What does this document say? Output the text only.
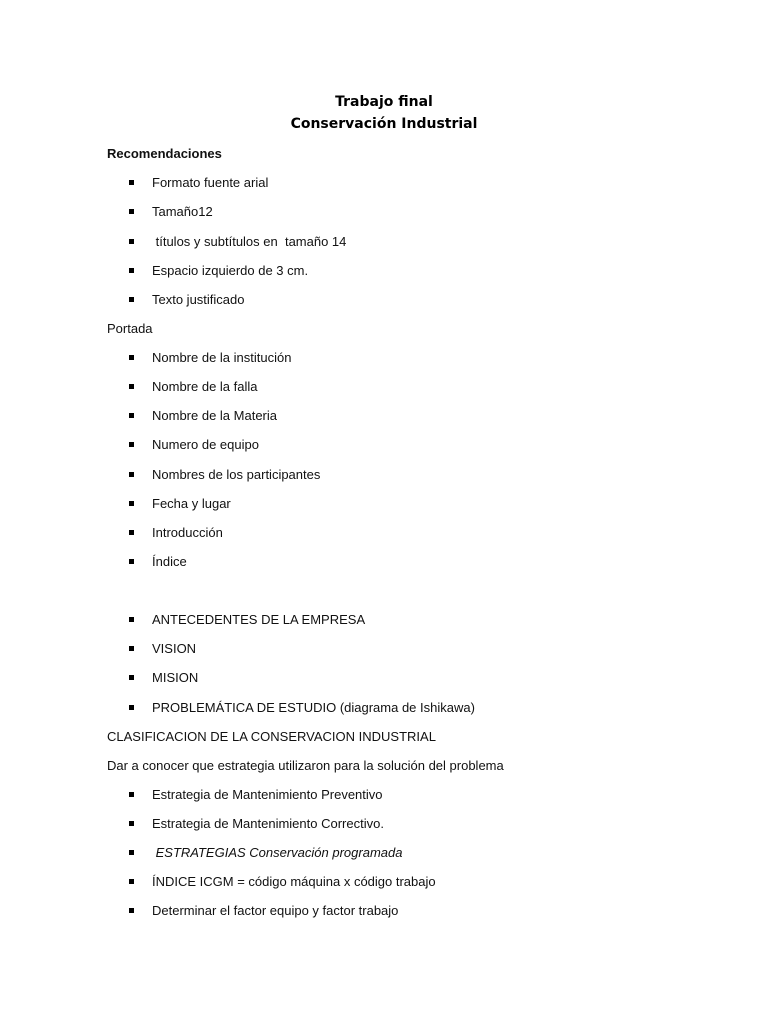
Trabajo final
Conservación Industrial
Recomendaciones
Formato fuente arial
Tamaño12
títulos y subtítulos en  tamaño 14
Espacio izquierdo de 3 cm.
Texto justificado
Portada
Nombre de la institución
Nombre de la falla
Nombre de la Materia
Numero de equipo
Nombres de los participantes
Fecha y lugar
Introducción
Índice
ANTECEDENTES DE LA EMPRESA
VISION
MISION
PROBLEMÁTICA DE ESTUDIO (diagrama de Ishikawa)
CLASIFICACION DE LA CONSERVACION INDUSTRIAL
Dar a conocer que estrategia utilizaron para la solución del problema
Estrategia de Mantenimiento Preventivo
Estrategia de Mantenimiento Correctivo.
ESTRATEGIAS Conservación programada
ÍNDICE ICGM = código máquina x código trabajo
Determinar el factor equipo y factor trabajo
